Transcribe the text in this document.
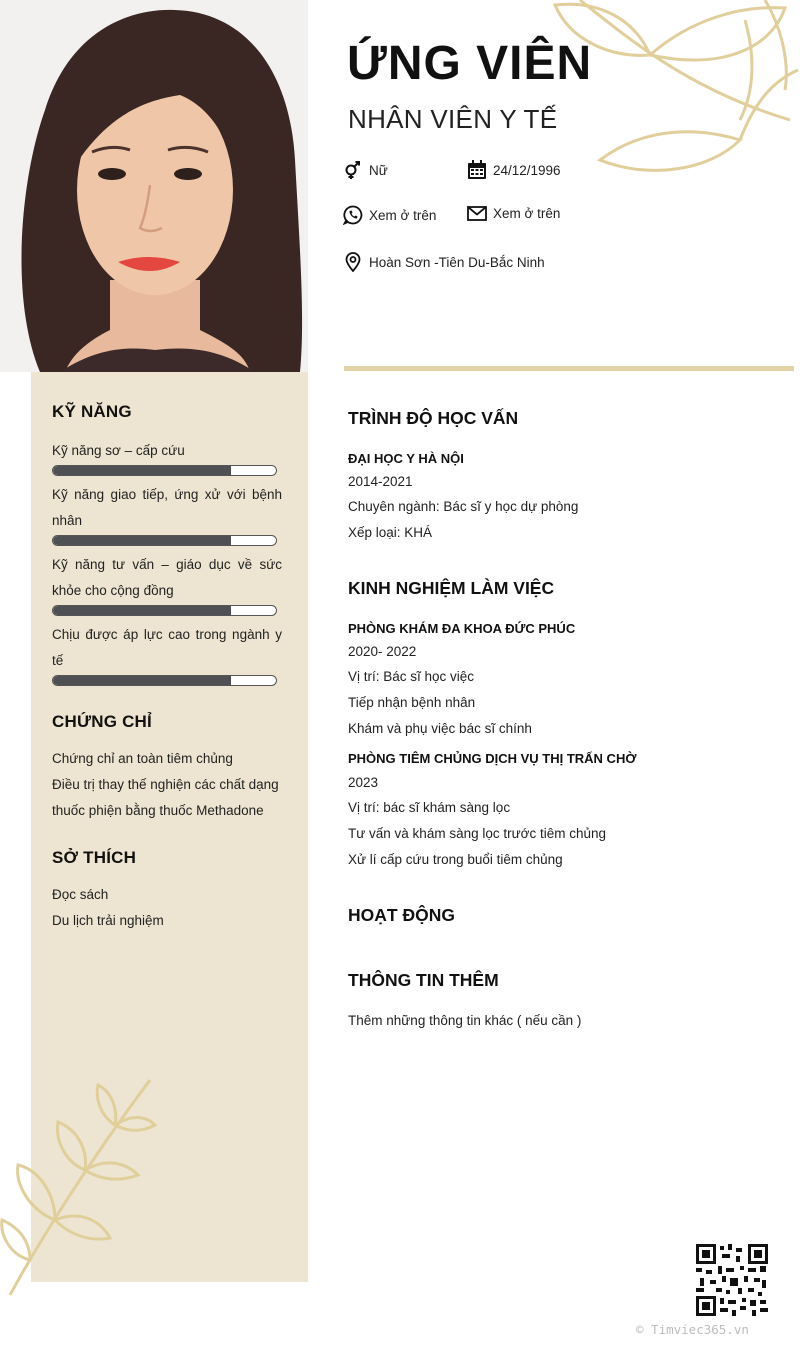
KỸ NĂNG
Kỹ năng sơ – cấp cứu
Kỹ năng giao tiếp, ứng xử với bệnh nhân
Kỹ năng tư vấn – giáo dục về sức khỏe cho cộng đồng
Chịu được áp lực cao trong ngành y tế
CHỨNG CHỈ
Chứng chỉ an toàn tiêm chủng
Điều trị thay thế nghiện các chất dạng thuốc phiện bằng thuốc Methadone
SỞ THÍCH
Đọc sách
Du lịch trải nghiệm
ỨNG VIÊN
NHÂN VIÊN Y TẾ
Nữ	24/12/1996
Xem ở trên	Xem ở trên
Hoàn Sơn -Tiên Du-Bắc Ninh
TRÌNH ĐỘ HỌC VẤN
ĐẠI HỌC Y HÀ NỘI
2014-2021
Chuyên ngành: Bác sĩ y học dự phòng
Xếp loại: KHÁ
KINH NGHIỆM LÀM VIỆC
PHÒNG KHÁM ĐA KHOA ĐỨC PHÚC
2020- 2022
Vị trí: Bác sĩ học việc
Tiếp nhận bệnh nhân
Khám và phụ việc bác sĩ chính
PHÒNG TIÊM CHỦNG DỊCH VỤ THỊ TRẤN CHỜ
2023
Vị trí: bác sĩ khám sàng lọc
Tư vấn và khám sàng lọc trước tiêm chủng
Xử lí cấp cứu trong buổi tiêm chủng
HOẠT ĐỘNG
THÔNG TIN THÊM
Thêm những thông tin khác ( nếu cần )
© Timviec365.vn
